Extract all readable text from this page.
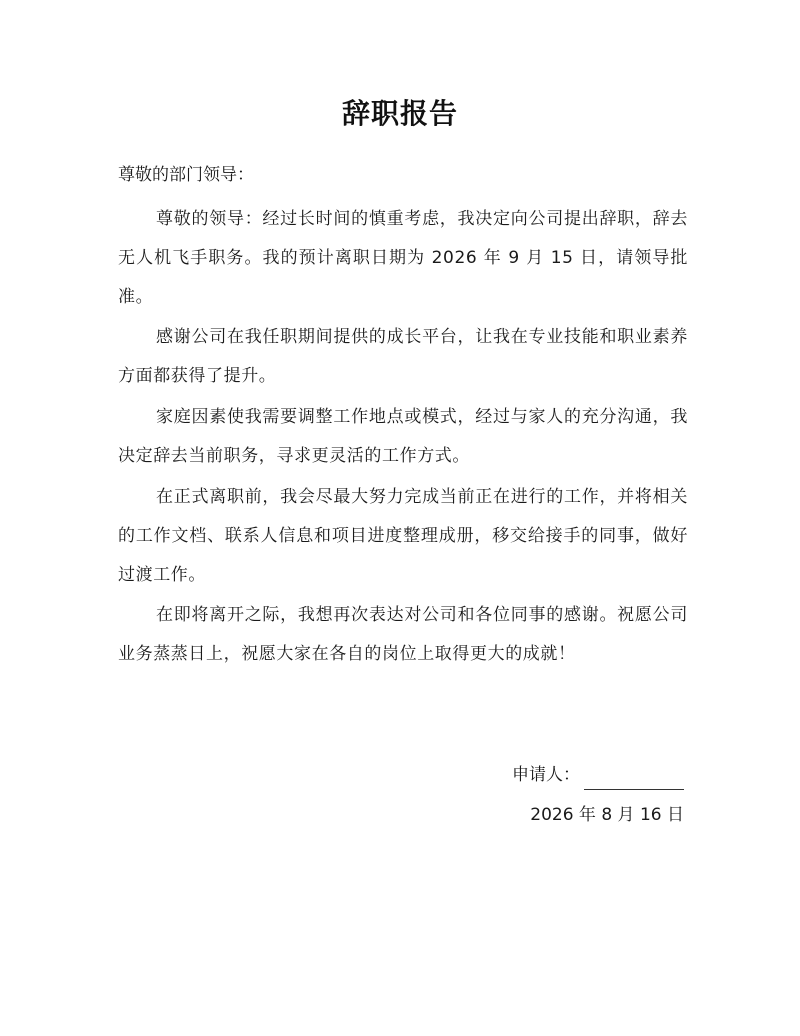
辞职报告
尊敬的部门领导：
尊敬的领导：经过长时间的慎重考虑，我决定向公司提出辞职，辞去无人机飞手职务。我的预计离职日期为 2026 年 9 月 15 日，请领导批准。
感谢公司在我任职期间提供的成长平台，让我在专业技能和职业素养方面都获得了提升。
家庭因素使我需要调整工作地点或模式，经过与家人的充分沟通，我决定辞去当前职务，寻求更灵活的工作方式。
在正式离职前，我会尽最大努力完成当前正在进行的工作，并将相关的工作文档、联系人信息和项目进度整理成册，移交给接手的同事，做好过渡工作。
在即将离开之际，我想再次表达对公司和各位同事的感谢。祝愿公司业务蒸蒸日上，祝愿大家在各自的岗位上取得更大的成就！
申请人：
2026 年 8 月 16 日
